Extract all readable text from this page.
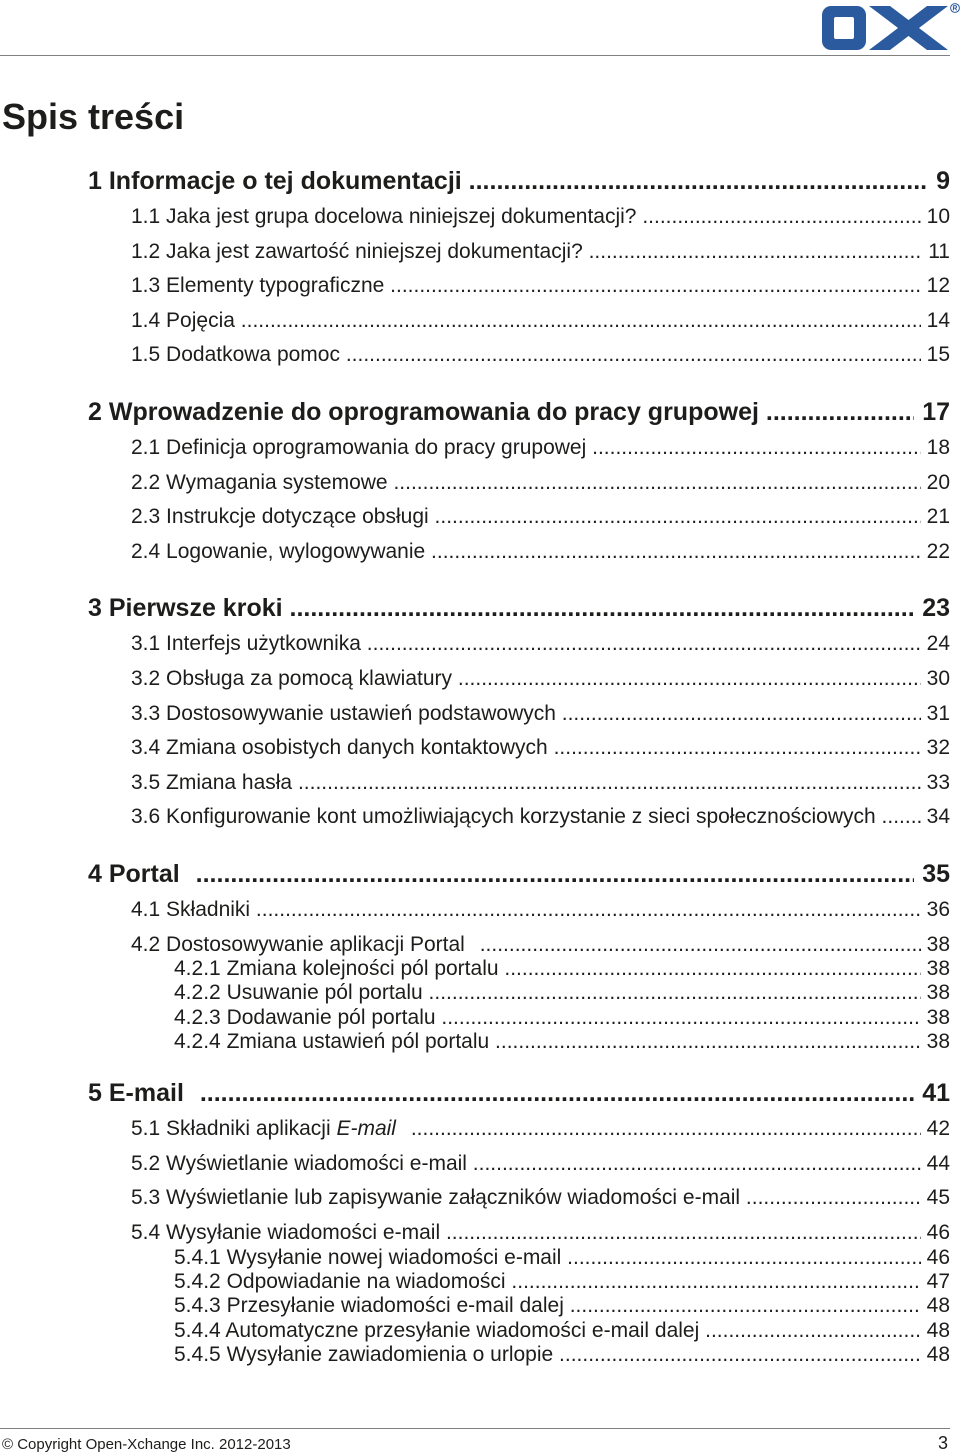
Spis treści
1 Informacje o tej dokumentacji .....	9
1.1 Jaka jest grupa docelowa niniejszej dokumentacji? .....	10
1.2 Jaka jest zawartość niniejszej dokumentacji? .....	11
1.3 Elementy typograficzne .....	12
1.4 Pojęcia .....	14
1.5 Dodatkowa pomoc .....	15
2 Wprowadzenie do oprogramowania do pracy grupowej .....	17
2.1 Definicja oprogramowania do pracy grupowej .....	18
2.2 Wymagania systemowe .....	20
2.3 Instrukcje dotyczące obsługi .....	21
2.4 Logowanie, wylogowywanie .....	22
3 Pierwsze kroki .....	23
3.1 Interfejs użytkownika .....	24
3.2 Obsługa za pomocą klawiatury .....	30
3.3 Dostosowywanie ustawień podstawowych .....	31
3.4 Zmiana osobistych danych kontaktowych .....	32
3.5 Zmiana hasła .....	33
3.6 Konfigurowanie kont umożliwiających korzystanie z sieci społecznościowych .....	34
4 Portal .....	35
4.1 Składniki .....	36
4.2 Dostosowywanie aplikacji Portal .....	38
4.2.1 Zmiana kolejności pól portalu .....	38
4.2.2 Usuwanie pól portalu .....	38
4.2.3 Dodawanie pól portalu .....	38
4.2.4 Zmiana ustawień pól portalu .....	38
5 E-mail .....	41
5.1 Składniki aplikacji E-mail .....	42
5.2 Wyświetlanie wiadomości e-mail .....	44
5.3 Wyświetlanie lub zapisywanie załączników wiadomości e-mail .....	45
5.4 Wysyłanie wiadomości e-mail .....	46
5.4.1 Wysyłanie nowej wiadomości e-mail .....	46
5.4.2 Odpowiadanie na wiadomości .....	47
5.4.3 Przesyłanie wiadomości e-mail dalej .....	48
5.4.4 Automatyczne przesyłanie wiadomości e-mail dalej .....	48
5.4.5 Wysyłanie zawiadomienia o urlopie .....	48
© Copyright Open-Xchange Inc. 2012-2013	3
